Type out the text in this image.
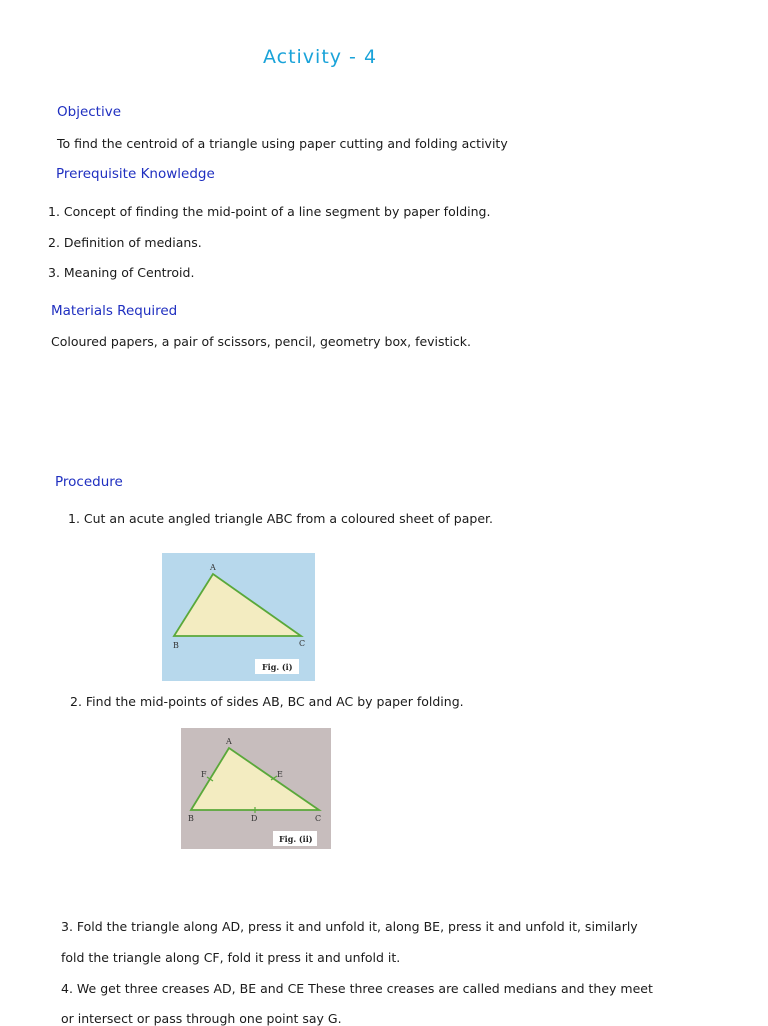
Activity - 4
Objective
To find the centroid of a triangle using paper cutting and folding activity
Prerequisite Knowledge
1. Concept of finding the mid-point of a line segment by paper folding.
2. Definition of medians.
3. Meaning of Centroid.
Materials Required
Coloured papers, a pair of scissors, pencil, geometry box, fevistick.
Procedure
1. Cut an acute angled triangle ABC from a coloured sheet of paper.
A
B	C
Fig. (i)
2. Find the mid-points of sides AB, BC and AC by paper folding.
A
B	C
D
E
F
Fig. (ii)
3. Fold the triangle along AD, press it and unfold it, along BE, press it and unfold it, similarly
fold the triangle along CF, fold it press it and unfold it.
4. We get three creases AD, BE and CE These three creases are called medians and they meet
or intersect or pass through one point say G.
